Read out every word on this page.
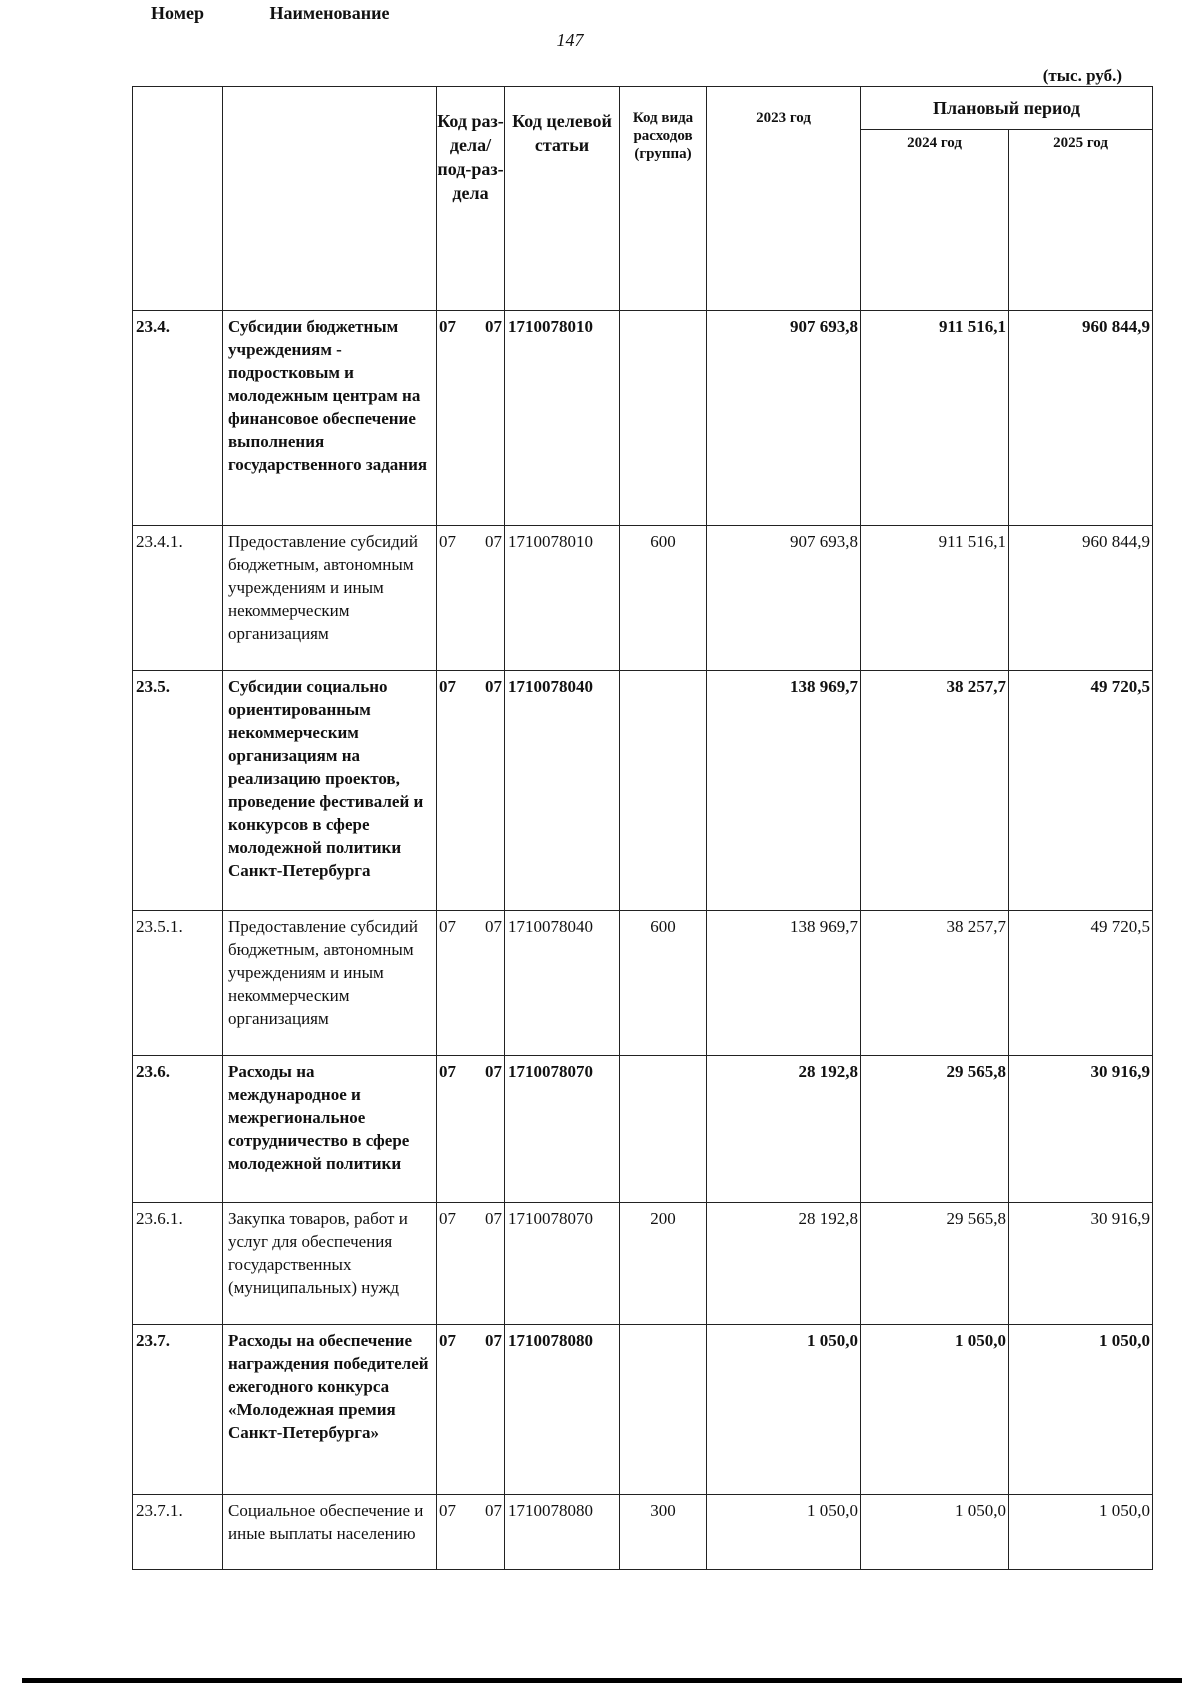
147
(тыс. руб.)
Номер	Наименование	Код раз-дела/ под-раз-дела	Код целевой статьи	Код вида расходов (группа)	2023 год	Плановый период	
						2024 год	2025 год
23.4.	Субсидии бюджетным учреждениям - подростковым и молодежным центрам на финансовое обеспечение выполнения государственного задания	07 07	1710078010		907 693,8	911 516,1	960 844,9
23.4.1.	Предоставление субсидий бюджетным, автономным учреждениям и иным некоммерческим организациям	07 07	1710078010	600	907 693,8	911 516,1	960 844,9
23.5.	Субсидии социально ориентированным некоммерческим организациям на реализацию проектов, проведение фестивалей и конкурсов в сфере молодежной политики Санкт-Петербурга	07 07	1710078040		138 969,7	38 257,7	49 720,5
23.5.1.	Предоставление субсидий бюджетным, автономным учреждениям и иным некоммерческим организациям	07 07	1710078040	600	138 969,7	38 257,7	49 720,5
23.6.	Расходы на международное и межрегиональное сотрудничество в сфере молодежной политики	07 07	1710078070		28 192,8	29 565,8	30 916,9
23.6.1.	Закупка товаров, работ и услуг для обеспечения государственных (муниципальных) нужд	07 07	1710078070	200	28 192,8	29 565,8	30 916,9
23.7.	Расходы на обеспечение награждения победителей ежегодного конкурса «Молодежная премия Санкт-Петербурга»	07 07	1710078080		1 050,0	1 050,0	1 050,0
23.7.1.	Социальное обеспечение и иные выплаты населению	07 07	1710078080	300	1 050,0	1 050,0	1 050,0
